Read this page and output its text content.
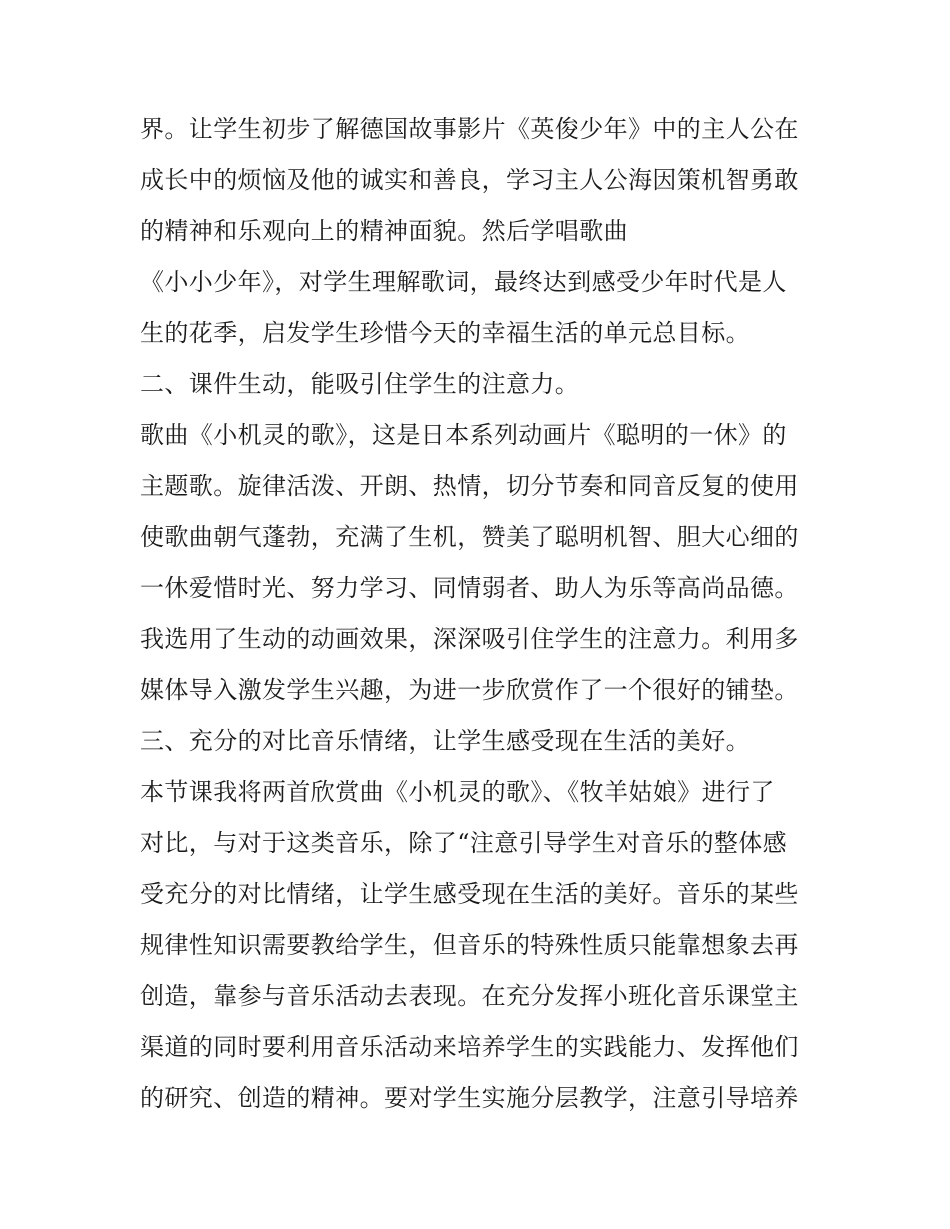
界。让学生初步了解德国故事影片《英俊少年》中的主人公在
成长中的烦恼及他的诚实和善良，学习主人公海因策机智勇敢
的精神和乐观向上的精神面貌。然后学唱歌曲
《小小少年》，对学生理解歌词，最终达到感受少年时代是人
生的花季，启发学生珍惜今天的幸福生活的单元总目标。
二、课件生动，能吸引住学生的注意力。
歌曲《小机灵的歌》，这是日本系列动画片《聪明的一休》的
主题歌。旋律活泼、开朗、热情，切分节奏和同音反复的使用
使歌曲朝气蓬勃，充满了生机，赞美了聪明机智、胆大心细的
一休爱惜时光、努力学习、同情弱者、助人为乐等高尚品德。
我选用了生动的动画效果，深深吸引住学生的注意力。利用多
媒体导入激发学生兴趣，为进一步欣赏作了一个很好的铺垫。
三、充分的对比音乐情绪，让学生感受现在生活的美好。
本节课我将两首欣赏曲《小机灵的歌》、《牧羊姑娘》进行了
对比，与对于这类音乐，除了“注意引导学生对音乐的整体感
受充分的对比情绪，让学生感受现在生活的美好。音乐的某些
规律性知识需要教给学生，但音乐的特殊性质只能靠想象去再
创造，靠参与音乐活动去表现。在充分发挥小班化音乐课堂主
渠道的同时要利用音乐活动来培养学生的实践能力、发挥他们
的研究、创造的精神。要对学生实施分层教学，注意引导培养
